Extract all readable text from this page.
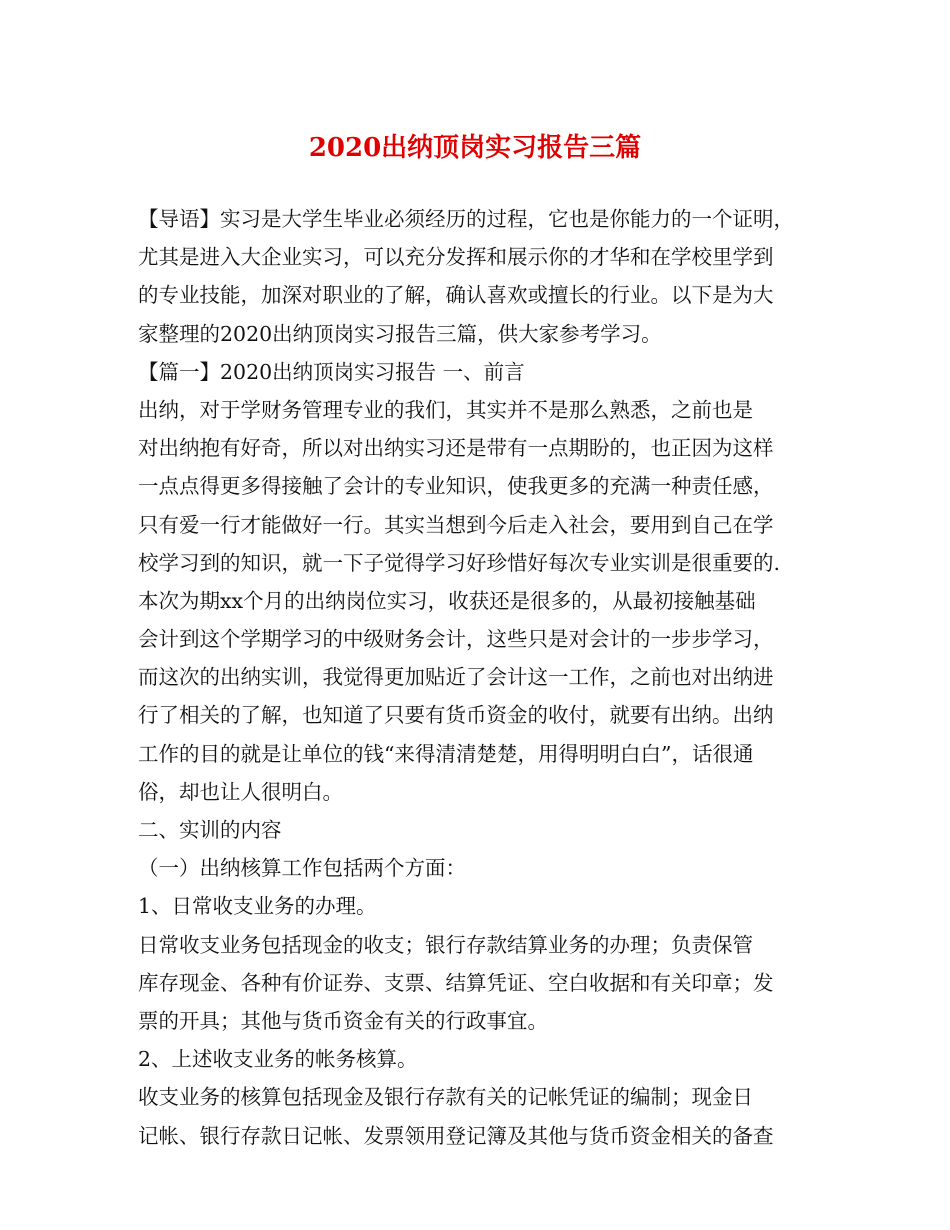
2020出纳顶岗实习报告三篇
【导语】实习是大学生毕业必须经历的过程，它也是你能力的一个证明，
尤其是进入大企业实习，可以充分发挥和展示你的才华和在学校里学到
的专业技能，加深对职业的了解，确认喜欢或擅长的行业。以下是为大
家整理的2020出纳顶岗实习报告三篇，供大家参考学习。
【篇一】2020出纳顶岗实习报告 一、前言
出纳，对于学财务管理专业的我们，其实并不是那么熟悉，之前也是
对出纳抱有好奇，所以对出纳实习还是带有一点期盼的，也正因为这样
一点点得更多得接触了会计的专业知识，使我更多的充满一种责任感，
只有爱一行才能做好一行。其实当想到今后走入社会，要用到自己在学
校学习到的知识，就一下子觉得学习好珍惜好每次专业实训是很重要的.
本次为期xx个月的出纳岗位实习，收获还是很多的，从最初接触基础
会计到这个学期学习的中级财务会计，这些只是对会计的一步步学习，
而这次的出纳实训，我觉得更加贴近了会计这一工作，之前也对出纳进
行了相关的了解，也知道了只要有货币资金的收付，就要有出纳。出纳
工作的目的就是让单位的钱“来得清清楚楚，用得明明白白”，话很通
俗，却也让人很明白。
二、实训的内容
（一）出纳核算工作包括两个方面：
1、日常收支业务的办理。
日常收支业务包括现金的收支；银行存款结算业务的办理；负责保管
库存现金、各种有价证券、支票、结算凭证、空白收据和有关印章；发
票的开具；其他与货币资金有关的行政事宜。
2、上述收支业务的帐务核算。
收支业务的核算包括现金及银行存款有关的记帐凭证的编制；现金日
记帐、银行存款日记帐、发票领用登记簿及其他与货币资金相关的备查
